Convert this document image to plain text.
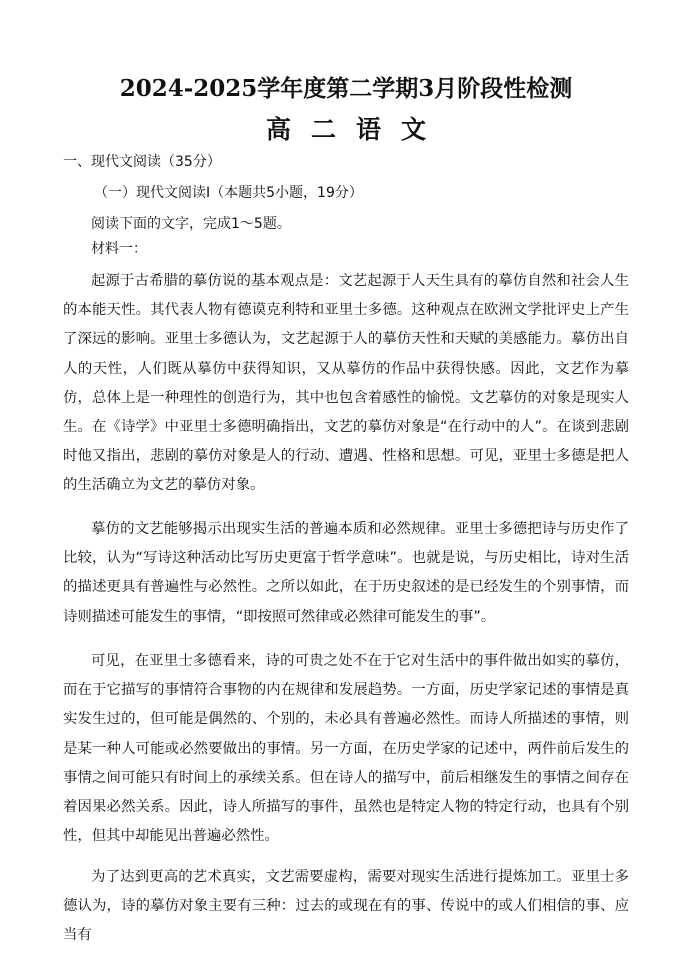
2024-2025学年度第二学期3月阶段性检测
高二语文
一、现代文阅读（35分）
（一）现代文阅读Ⅰ（本题共5小题，19分）
阅读下面的文字，完成1～5题。
材料一：
起源于古希腊的摹仿说的基本观点是：文艺起源于人天生具有的摹仿自然和社会人生的本能天性。其代表人物有德谟克利特和亚里士多德。这种观点在欧洲文学批评史上产生了深远的影响。亚里士多德认为，文艺起源于人的摹仿天性和天赋的美感能力。摹仿出自人的天性，人们既从摹仿中获得知识，又从摹仿的作品中获得快感。因此，文艺作为摹仿，总体上是一种理性的创造行为，其中也包含着感性的愉悦。文艺摹仿的对象是现实人生。在《诗学》中亚里士多德明确指出，文艺的摹仿对象是“在行动中的人”。在谈到悲剧时他又指出，悲剧的摹仿对象是人的行动、遭遇、性格和思想。可见，亚里士多德是把人的生活确立为文艺的摹仿对象。
摹仿的文艺能够揭示出现实生活的普遍本质和必然规律。亚里士多德把诗与历史作了比较，认为“写诗这种活动比写历史更富于哲学意味”。也就是说，与历史相比，诗对生活的描述更具有普遍性与必然性。之所以如此，在于历史叙述的是已经发生的个别事情，而诗则描述可能发生的事情，“即按照可然律或必然律可能发生的事”。
可见，在亚里士多德看来，诗的可贵之处不在于它对生活中的事件做出如实的摹仿，而在于它描写的事情符合事物的内在规律和发展趋势。一方面，历史学家记述的事情是真实发生过的，但可能是偶然的、个别的，未必具有普遍必然性。而诗人所描述的事情，则是某一种人可能或必然要做出的事情。另一方面，在历史学家的记述中，两件前后发生的事情之间可能只有时间上的承续关系。但在诗人的描写中，前后相继发生的事情之间存在着因果必然关系。因此，诗人所描写的事件，虽然也是特定人物的特定行动，也具有个别性，但其中却能见出普遍必然性。
为了达到更高的艺术真实，文艺需要虚构，需要对现实生活进行提炼加工。亚里士多德认为，诗的摹仿对象主要有三种：过去的或现在有的事、传说中的或人们相信的事、应当有
